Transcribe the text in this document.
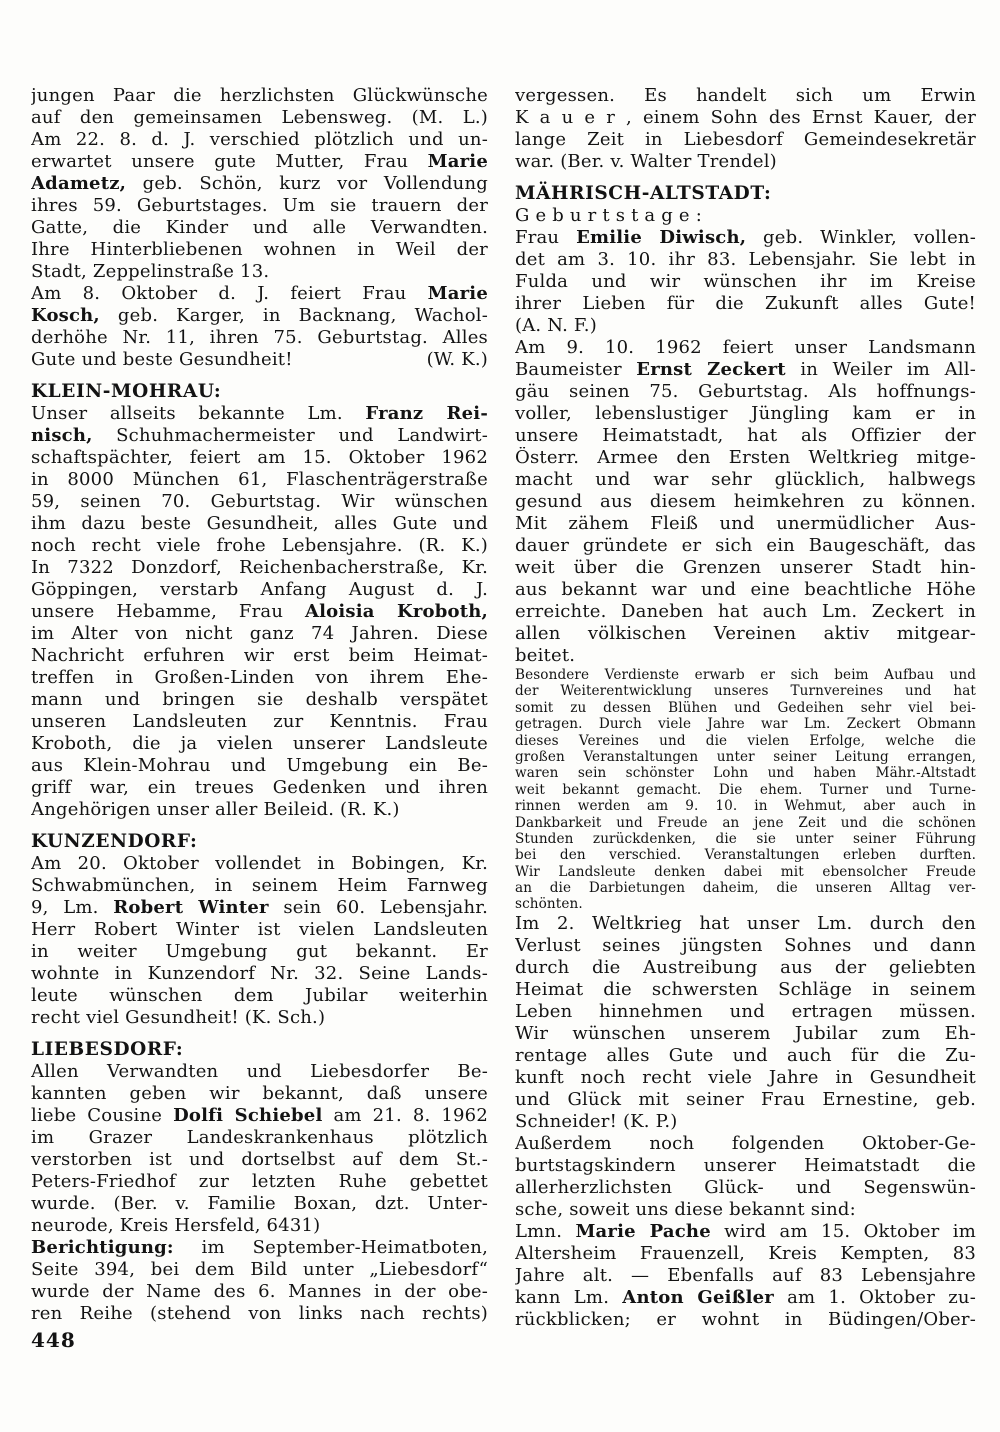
jungen Paar die herzlichsten Glückwünsche
auf den gemeinsamen Lebensweg. (M. L.)
Am 22. 8. d. J. verschied plötzlich und un-
erwartet unsere gute Mutter, Frau Marie
Adametz, geb. Schön, kurz vor Vollendung
ihres 59. Geburtstages. Um sie trauern der
Gatte, die Kinder und alle Verwandten.
Ihre Hinterbliebenen wohnen in Weil der
Stadt, Zeppelinstraße 13.
Am 8. Oktober d. J. feiert Frau Marie
Kosch, geb. Karger, in Backnang, Wachol-
derhöhe Nr. 11, ihren 75. Geburtstag. Alles
Gute und beste Gesundheit!	(W. K.)
KLEIN-MOHRAU:
Unser allseits bekannte Lm. Franz Rei-
nisch, Schuhmachermeister und Landwirt-
schaftspächter, feiert am 15. Oktober 1962
in 8000 München 61, Flaschenträgerstraße
59, seinen 70. Geburtstag. Wir wünschen
ihm dazu beste Gesundheit, alles Gute und
noch recht viele frohe Lebensjahre. (R. K.)
In 7322 Donzdorf, Reichenbacherstraße, Kr.
Göppingen, verstarb Anfang August d. J.
unsere Hebamme, Frau Aloisia Kroboth,
im Alter von nicht ganz 74 Jahren. Diese
Nachricht erfuhren wir erst beim Heimat-
treffen in Großen-Linden von ihrem Ehe-
mann und bringen sie deshalb verspätet
unseren Landsleuten zur Kenntnis. Frau
Kroboth, die ja vielen unserer Landsleute
aus Klein-Mohrau und Umgebung ein Be-
griff war, ein treues Gedenken und ihren
Angehörigen unser aller Beileid. (R. K.)
KUNZENDORF:
Am 20. Oktober vollendet in Bobingen, Kr.
Schwabmünchen, in seinem Heim Farnweg
9, Lm. Robert Winter sein 60. Lebensjahr.
Herr Robert Winter ist vielen Landsleuten
in weiter Umgebung gut bekannt. Er
wohnte in Kunzendorf Nr. 32. Seine Lands-
leute wünschen dem Jubilar weiterhin
recht viel Gesundheit! (K. Sch.)
LIEBESDORF:
Allen Verwandten und Liebesdorfer Be-
kannten geben wir bekannt, daß unsere
liebe Cousine Dolfi Schiebel am 21. 8. 1962
im Grazer Landeskrankenhaus plötzlich
verstorben ist und dortselbst auf dem St.-
Peters-Friedhof zur letzten Ruhe gebettet
wurde. (Ber. v. Familie Boxan, dzt. Unter-
neurode, Kreis Hersfeld, 6431)
Berichtigung: im September-Heimatboten,
Seite 394, bei dem Bild unter „Liebesdorf“
wurde der Name des 6. Mannes in der obe-
ren Reihe (stehend von links nach rechts)
vergessen. Es handelt sich um Erwin
K a u e r , einem Sohn des Ernst Kauer, der
lange Zeit in Liebesdorf Gemeindesekretär
war. (Ber. v. Walter Trendel)
MÄHRISCH-ALTSTADT:
G e b u r t s t a g e :
Frau Emilie Diwisch, geb. Winkler, vollen-
det am 3. 10. ihr 83. Lebensjahr. Sie lebt in
Fulda und wir wünschen ihr im Kreise
ihrer Lieben für die Zukunft alles Gute!
(A. N. F.)
Am 9. 10. 1962 feiert unser Landsmann
Baumeister Ernst Zeckert in Weiler im All-
gäu seinen 75. Geburtstag. Als hoffnungs-
voller, lebenslustiger Jüngling kam er in
unsere Heimatstadt, hat als Offizier der
Österr. Armee den Ersten Weltkrieg mitge-
macht und war sehr glücklich, halbwegs
gesund aus diesem heimkehren zu können.
Mit zähem Fleiß und unermüdlicher Aus-
dauer gründete er sich ein Baugeschäft, das
weit über die Grenzen unserer Stadt hin-
aus bekannt war und eine beachtliche Höhe
erreichte. Daneben hat auch Lm. Zeckert in
allen völkischen Vereinen aktiv mitgear-
beitet.
Besondere Verdienste erwarb er sich beim Aufbau und
der Weiterentwicklung unseres Turnvereines und hat
somit zu dessen Blühen und Gedeihen sehr viel bei-
getragen. Durch viele Jahre war Lm. Zeckert Obmann
dieses Vereines und die vielen Erfolge, welche die
großen Veranstaltungen unter seiner Leitung errangen,
waren sein schönster Lohn und haben Mähr.-Altstadt
weit bekannt gemacht. Die ehem. Turner und Turne-
rinnen werden am 9. 10. in Wehmut, aber auch in
Dankbarkeit und Freude an jene Zeit und die schönen
Stunden zurückdenken, die sie unter seiner Führung
bei den verschied. Veranstaltungen erleben durften.
Wir Landsleute denken dabei mit ebensolcher Freude
an die Darbietungen daheim, die unseren Alltag ver-
schönten.
Im 2. Weltkrieg hat unser Lm. durch den
Verlust seines jüngsten Sohnes und dann
durch die Austreibung aus der geliebten
Heimat die schwersten Schläge in seinem
Leben hinnehmen und ertragen müssen.
Wir wünschen unserem Jubilar zum Eh-
rentage alles Gute und auch für die Zu-
kunft noch recht viele Jahre in Gesundheit
und Glück mit seiner Frau Ernestine, geb.
Schneider! (K. P.)
Außerdem noch folgenden Oktober-Ge-
burtstagskindern unserer Heimatstadt die
allerherzlichsten Glück- und Segenswün-
sche, soweit uns diese bekannt sind:
Lmn. Marie Pache wird am 15. Oktober im
Altersheim Frauenzell, Kreis Kempten, 83
Jahre alt. — Ebenfalls auf 83 Lebensjahre
kann Lm. Anton Geißler am 1. Oktober zu-
rückblicken; er wohnt in Büdingen/Ober-
448
